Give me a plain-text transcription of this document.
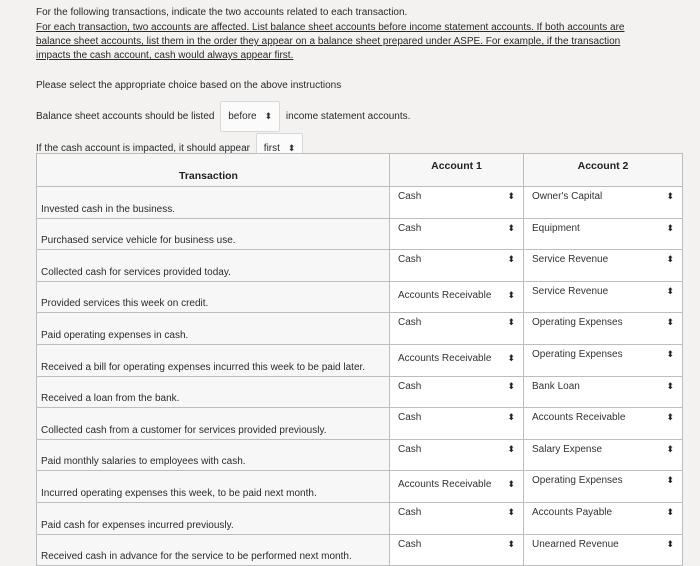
For the following transactions, indicate the two accounts related to each transaction.

For each transaction, two accounts are affected. List balance sheet accounts before income statement accounts. If both accounts are

balance sheet accounts, list them in the order they appear on a balance sheet prepared under ASPE. For example, if the transaction

impacts the cash account, cash would always appear first.

Please select the appropriate choice based on the above instructions

Balance sheet accounts should be listed before ⬍ income statement accounts.
If the cash account is impacted, it should appear first ⬍
Transaction	Account 1	Account 2
Invested cash in the business.	Cash ⬍	Owner's Capital ⬍

Purchased service vehicle for business use.	Cash ⬍	Equipment ⬍

Collected cash for services provided today.	Cash ⬍	Service Revenue ⬍

Provided services this week on credit.	Accounts Receivable ⬍	Service Revenue ⬍

Paid operating expenses in cash.	Cash ⬍	Operating Expenses ⬍

Received a bill for operating expenses incurred this week to be paid later.	Accounts Receivable ⬍	Operating Expenses ⬍

Received a loan from the bank.	Cash ⬍	Bank Loan ⬍

Collected cash from a customer for services provided previously.	Cash ⬍	Accounts Receivable ⬍

Paid monthly salaries to employees with cash.	Cash ⬍	Salary Expense ⬍

Incurred operating expenses this week, to be paid next month.	Accounts Receivable ⬍	Operating Expenses ⬍

Paid cash for expenses incurred previously.	Cash ⬍	Accounts Payable ⬍

Received cash in advance for the service to be performed next month.	Cash ⬍	Unearned Revenue ⬍
